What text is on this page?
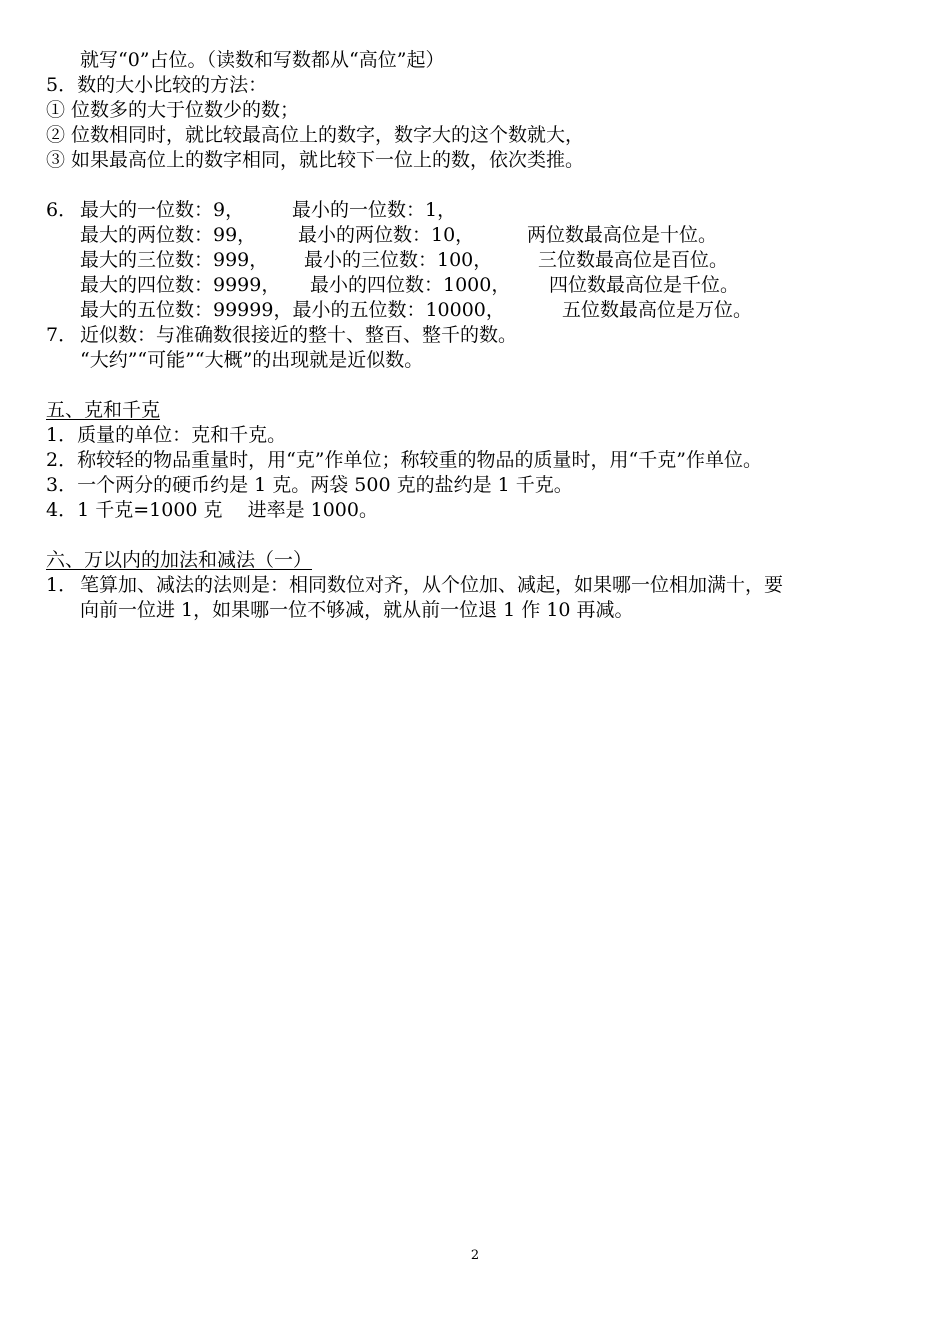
就写“0”占位。（读数和写数都从“高位”起）
5．数的大小比较的方法：
① 位数多的大于位数少的数；
② 位数相同时，就比较最高位上的数字，数字大的这个数就大，
③ 如果最高位上的数字相同，就比较下一位上的数，依次类推。
6． 最大的一位数：9，	最小的一位数：1，
最大的两位数：99， 最小的两位数：10，	两位数最高位是十位。
最大的三位数：999， 最小的三位数：100， 三位数最高位是百位。
最大的四位数：9999， 最小的四位数：1000， 四位数最高位是千位。
最大的五位数：99999，最小的五位数：10000，	五位数最高位是万位。
7． 近似数：与准确数很接近的整十、整百、整千的数。
“大约”“可能”“大概”的出现就是近似数。
五、克和千克
1．质量的单位：克和千克。
2．称较轻的物品重量时，用“克”作单位；称较重的物品的质量时，用“千克”作单位。
3．一个两分的硬币约是 1 克。两袋 500 克的盐约是 1 千克。
4．1 千克=1000 克　 进率是 1000。
六、万以内的加法和减法（一）
1． 笔算加、减法的法则是：相同数位对齐，从个位加、减起，如果哪一位相加满十，要
向前一位进 1，如果哪一位不够减，就从前一位退 1 作 10 再减。
2
